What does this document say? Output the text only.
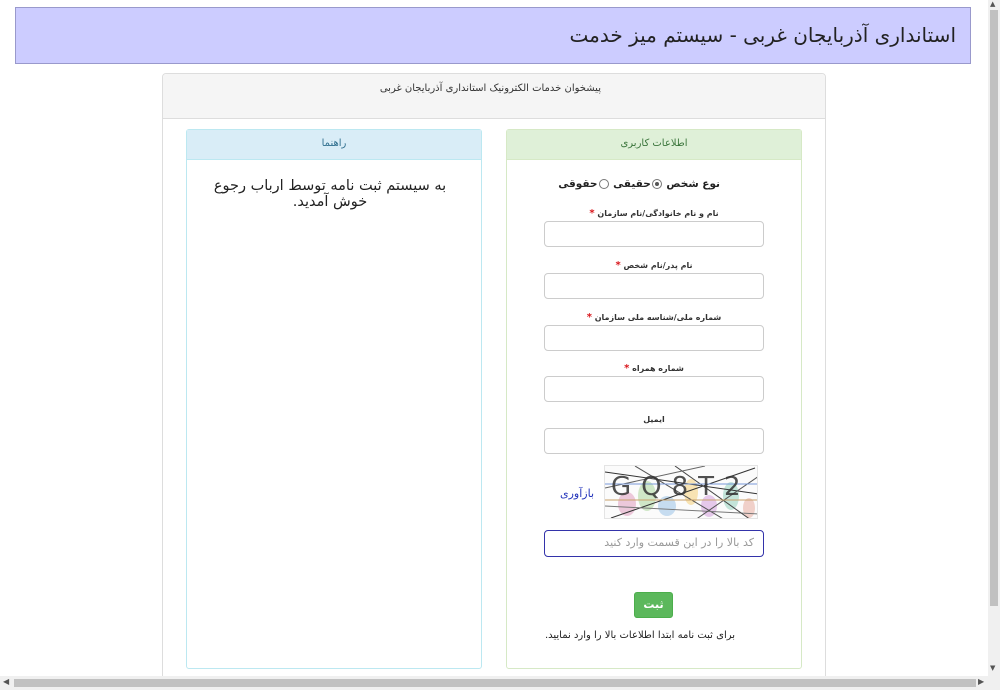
استانداری آذربایجان غربی - سیستم میز خدمت
پیشخوان خدمات الکترونیک استانداری آذربایجان غربی
راهنما
به سیستم ثبت نامه توسط ارباب رجوع خوش آمدید.
اطلاعات کاربری
نوع شخص حقیقی حقوقی
نام و نام خانوادگی/نام سازمان *
نام پدر/نام شخص *
شماره ملی/شناسه ملی سازمان *
شماره همراه *
ایمیل
GQ8T2
بازآوری
کد بالا را در این قسمت وارد کنید
ثبت
برای ثبت نامه ابتدا اطلاعات بالا را وارد نمایید.
▲
▼
◀	▶
